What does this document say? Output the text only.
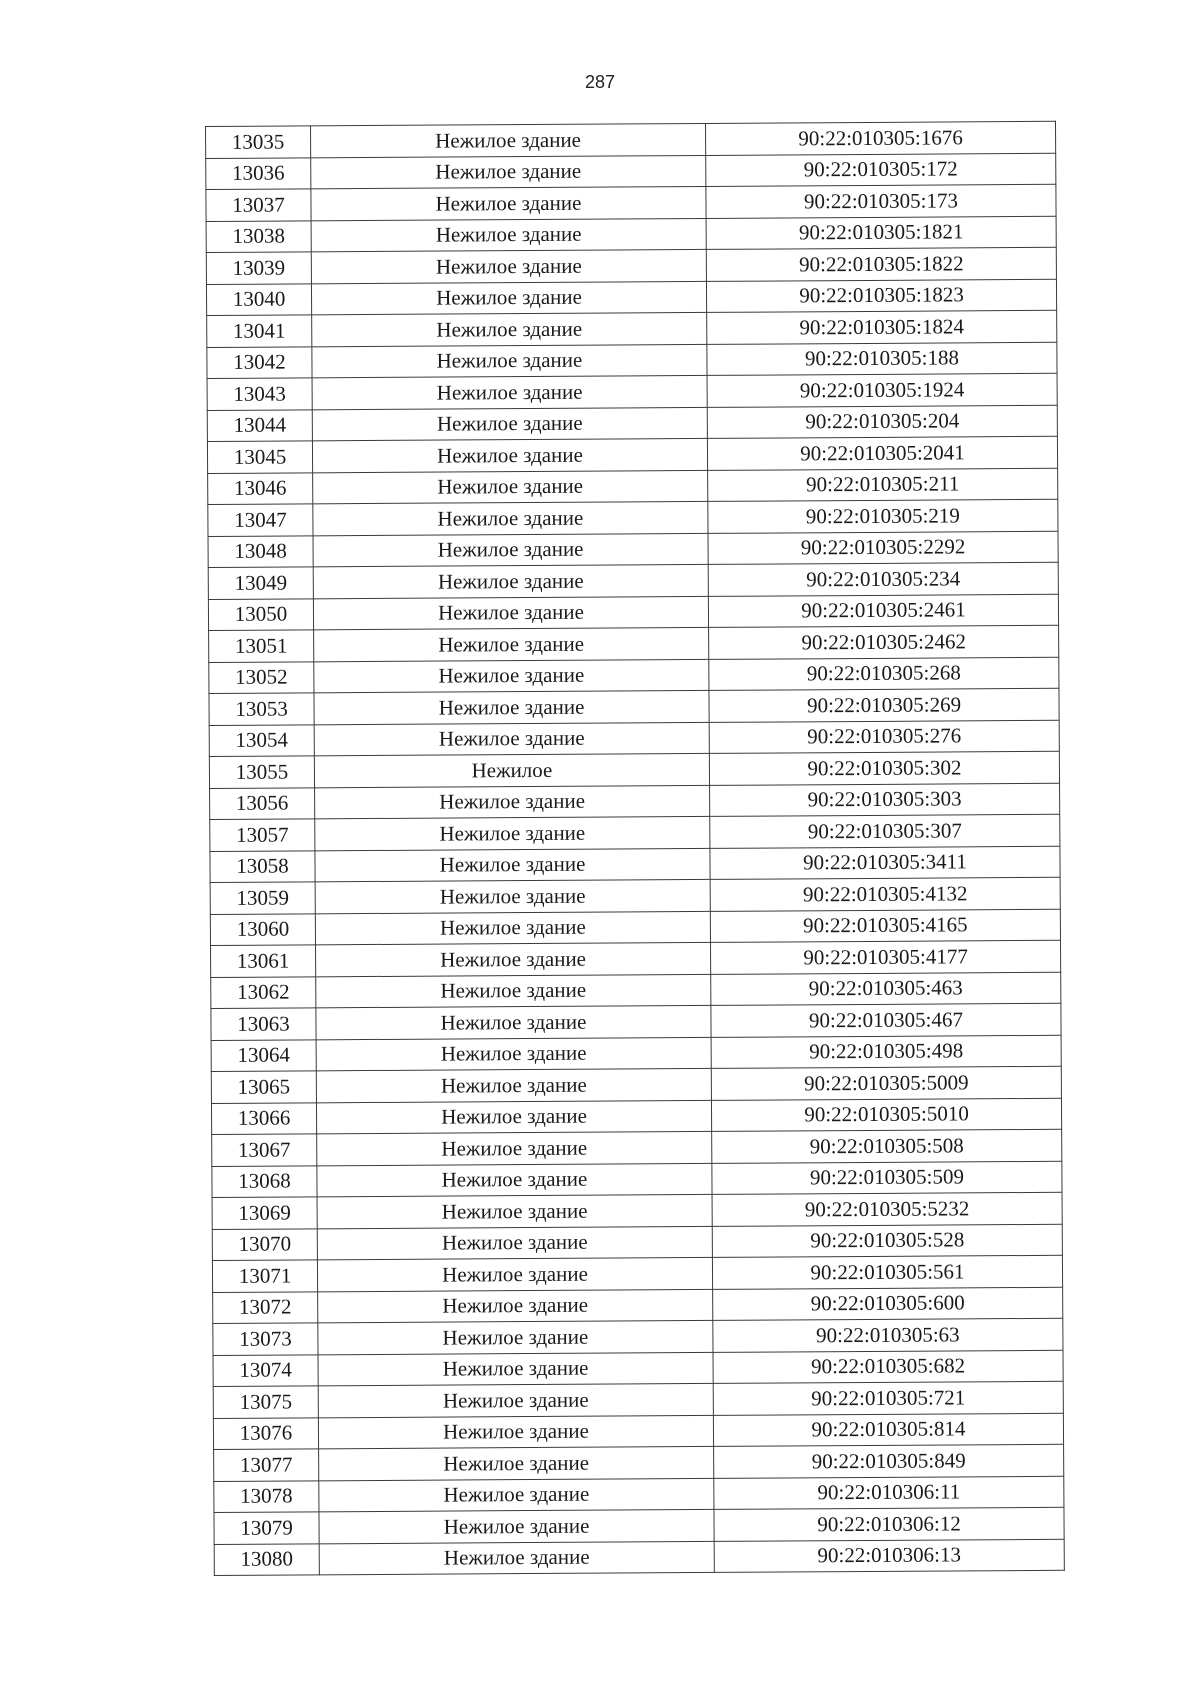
287
13035	Нежилое здание	90:22:010305:1676
13036	Нежилое здание	90:22:010305:172
13037	Нежилое здание	90:22:010305:173
13038	Нежилое здание	90:22:010305:1821
13039	Нежилое здание	90:22:010305:1822
13040	Нежилое здание	90:22:010305:1823
13041	Нежилое здание	90:22:010305:1824
13042	Нежилое здание	90:22:010305:188
13043	Нежилое здание	90:22:010305:1924
13044	Нежилое здание	90:22:010305:204
13045	Нежилое здание	90:22:010305:2041
13046	Нежилое здание	90:22:010305:211
13047	Нежилое здание	90:22:010305:219
13048	Нежилое здание	90:22:010305:2292
13049	Нежилое здание	90:22:010305:234
13050	Нежилое здание	90:22:010305:2461
13051	Нежилое здание	90:22:010305:2462
13052	Нежилое здание	90:22:010305:268
13053	Нежилое здание	90:22:010305:269
13054	Нежилое здание	90:22:010305:276
13055	Нежилое	90:22:010305:302
13056	Нежилое здание	90:22:010305:303
13057	Нежилое здание	90:22:010305:307
13058	Нежилое здание	90:22:010305:3411
13059	Нежилое здание	90:22:010305:4132
13060	Нежилое здание	90:22:010305:4165
13061	Нежилое здание	90:22:010305:4177
13062	Нежилое здание	90:22:010305:463
13063	Нежилое здание	90:22:010305:467
13064	Нежилое здание	90:22:010305:498
13065	Нежилое здание	90:22:010305:5009
13066	Нежилое здание	90:22:010305:5010
13067	Нежилое здание	90:22:010305:508
13068	Нежилое здание	90:22:010305:509
13069	Нежилое здание	90:22:010305:5232
13070	Нежилое здание	90:22:010305:528
13071	Нежилое здание	90:22:010305:561
13072	Нежилое здание	90:22:010305:600
13073	Нежилое здание	90:22:010305:63
13074	Нежилое здание	90:22:010305:682
13075	Нежилое здание	90:22:010305:721
13076	Нежилое здание	90:22:010305:814
13077	Нежилое здание	90:22:010305:849
13078	Нежилое здание	90:22:010306:11
13079	Нежилое здание	90:22:010306:12
13080	Нежилое здание	90:22:010306:13
